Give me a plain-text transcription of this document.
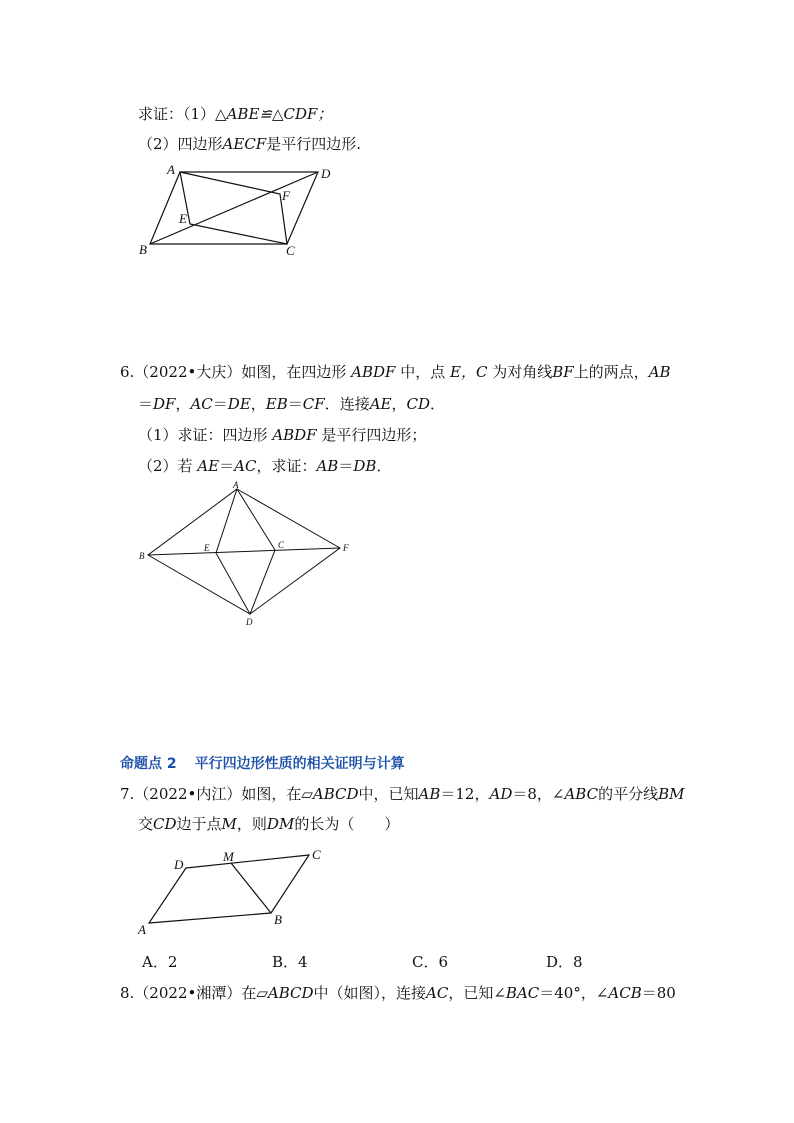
求证：（1）△ABE≌△CDF；
（2）四边形AECF是平行四边形.
6.（2022•大庆）如图，在四边形 ABDF 中，点 E，C 为对角线BF上的两点，AB
＝DF，AC＝DE，EB＝CF．连接AE，CD．
（1）求证：四边形 ABDF 是平行四边形；
（2）若 AE＝AC，求证：AB＝DB．
命题点 2 平行四边形性质的相关证明与计算
7.（2022•内江）如图，在▱ABCD中，已知AB＝12，AD＝8，∠ABC的平分线BM
交CD边于点M，则DM的长为（　　）
A．2	B．4	C．6	D．8
8.（2022•湘潭）在▱ABCD中（如图），连接AC，已知∠BAC＝40°，∠ACB＝80
A	D
F
E
B	C
A
B
E	C	F
D
D
M	C
A
B
